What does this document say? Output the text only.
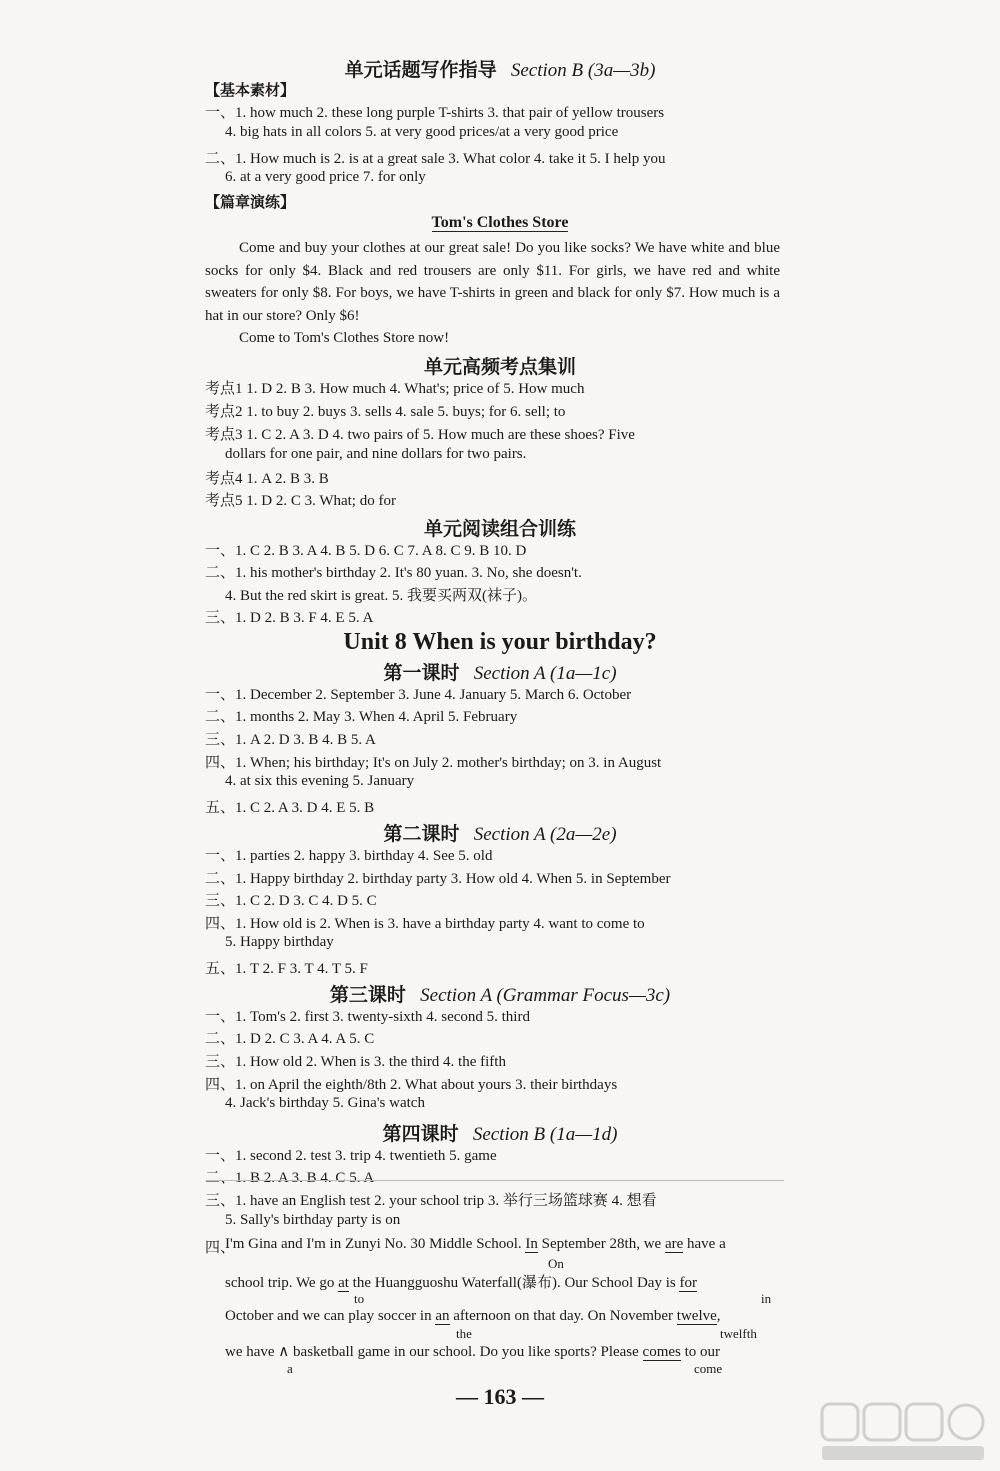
单元话题写作指导 Section B (3a—3b)
【基本素材】
一、1. how much 2. these long purple T-shirts 3. that pair of yellow trousers
4. big hats in all colors 5. at very good prices/at a very good price
二、1. How much is 2. is at a great sale 3. What color 4. take it 5. I help you
6. at a very good price 7. for only
【篇章演练】
Tom's Clothes Store

Come and buy your clothes at our great sale! Do you like socks? We have white and blue socks for only $4. Black and red trousers are only $11. For girls, we have red and white sweaters for only $8. For boys, we have T-shirts in green and black for only $7. How much is a hat in our store? Only $6!

Come to Tom's Clothes Store now!

单元高频考点集训
考点1 1. D 2. B 3. How much 4. What's; price of 5. How much
考点2 1. to buy 2. buys 3. sells 4. sale 5. buys; for 6. sell; to
考点3 1. C 2. A 3. D 4. two pairs of 5. How much are these shoes? Five
dollars for one pair, and nine dollars for two pairs.
考点4 1. A 2. B 3. B
考点5 1. D 2. C 3. What; do for
单元阅读组合训练
一、1. C 2. B 3. A 4. B 5. D 6. C 7. A 8. C 9. B 10. D
二、1. his mother's birthday 2. It's 80 yuan. 3. No, she doesn't.
4. But the red skirt is great. 5. 我要买两双(袜子)。
三、1. D 2. B 3. F 4. E 5. A
Unit 8 When is your birthday?
第一课时 Section A (1a—1c)
一、1. December 2. September 3. June 4. January 5. March 6. October
二、1. months 2. May 3. When 4. April 5. February
三、1. A 2. D 3. B 4. B 5. A
四、1. When; his birthday; It's on July 2. mother's birthday; on 3. in August
4. at six this evening 5. January
五、1. C 2. A 3. D 4. E 5. B
第二课时 Section A (2a—2e)
一、1. parties 2. happy 3. birthday 4. See 5. old
二、1. Happy birthday 2. birthday party 3. How old 4. When 5. in September
三、1. C 2. D 3. C 4. D 5. C
四、1. How old is 2. When is 3. have a birthday party 4. want to come to
5. Happy birthday
五、1. T 2. F 3. T 4. T 5. F
第三课时 Section A (Grammar Focus—3c)
一、1. Tom's 2. first 3. twenty-sixth 4. second 5. third
二、1. D 2. C 3. A 4. A 5. C
三、1. How old 2. When is 3. the third 4. the fifth
四、1. on April the eighth/8th 2. What about yours 3. their birthdays
4. Jack's birthday 5. Gina's watch
第四课时 Section B (1a—1d)
一、1. second 2. test 3. trip 4. twentieth 5. game
二、1. B 2. A 3. B 4. C 5. A
三、1. have an English test 2. your school trip 3. 举行三场篮球赛 4. 想看
5. Sally's birthday party is on
四、
I'm Gina and I'm in Zunyi No. 30 Middle School. In September 28th, we are have a
On
school trip. We go at the Huangguoshu Waterfall(瀑布). Our School Day is for
to	in
October and we can play soccer in an afternoon on that day. On November twelve,
the	twelfth
we have ∧ basketball game in our school. Do you like sports? Please comes to our
a	come
— 163 —
